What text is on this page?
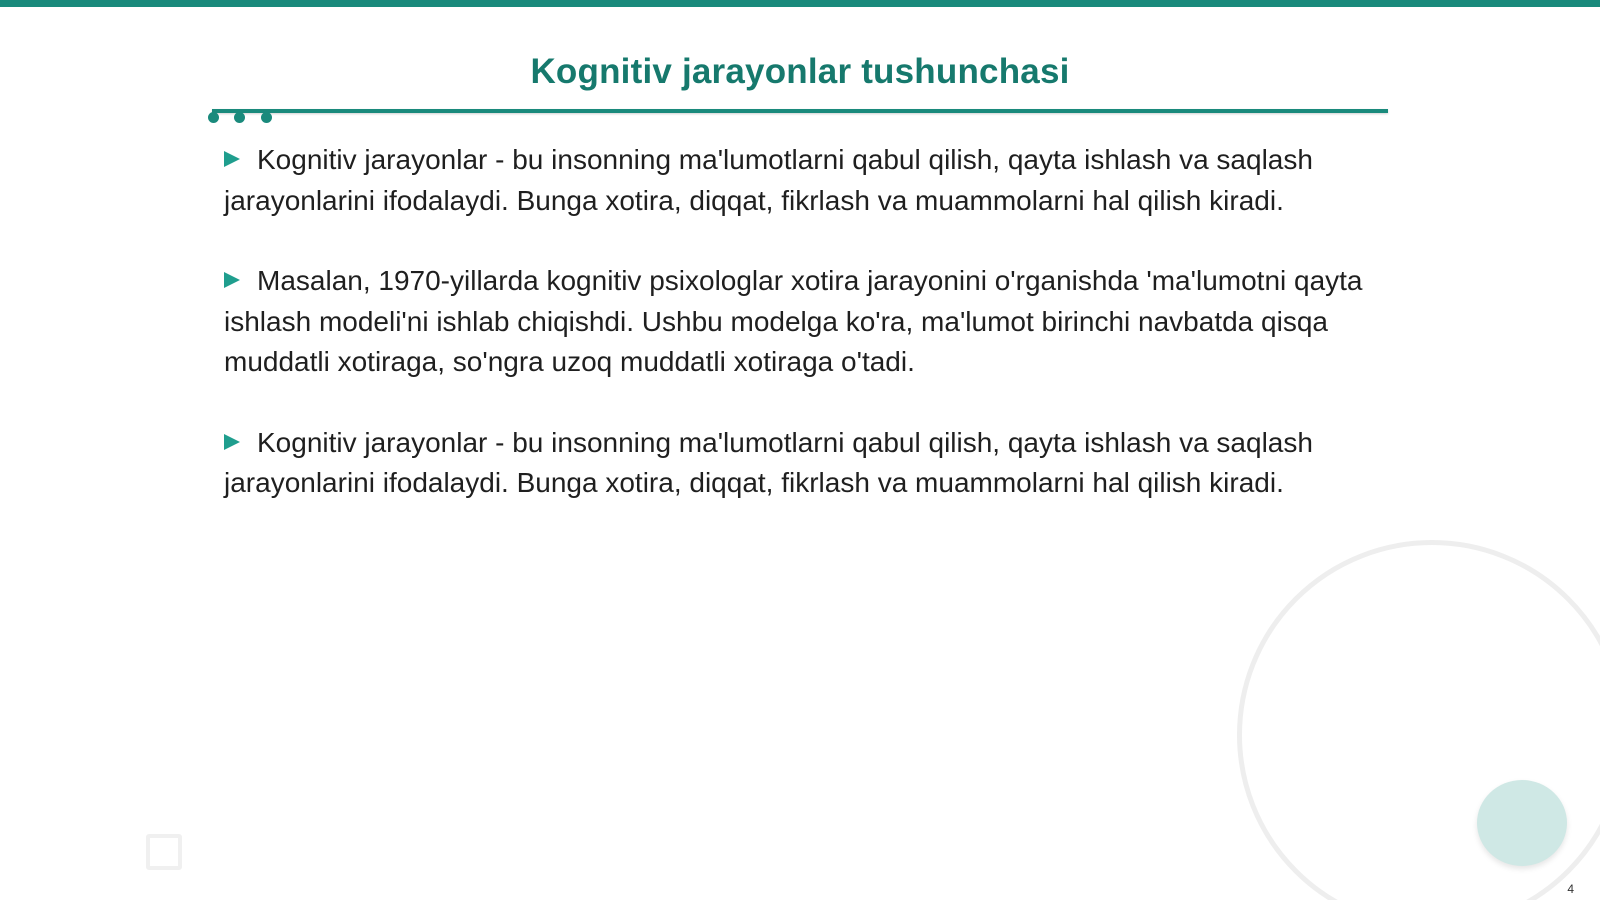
Kognitiv jarayonlar tushunchasi

Kognitiv jarayonlar - bu insonning ma'lumotlarni qabul qilish, qayta ishlash va saqlash jarayonlarini ifodalaydi. Bunga xotira, diqqat, fikrlash va muammolarni hal qilish kiradi.

Masalan, 1970-yillarda kognitiv psixologlar xotira jarayonini o'rganishda 'ma'lumotni qayta ishlash modeli'ni ishlab chiqishdi. Ushbu modelga ko'ra, ma'lumot birinchi navbatda qisqa muddatli xotiraga, so'ngra uzoq muddatli xotiraga o'tadi.

Kognitiv jarayonlar - bu insonning ma'lumotlarni qabul qilish, qayta ishlash va saqlash jarayonlarini ifodalaydi. Bunga xotira, diqqat, fikrlash va muammolarni hal qilish kiradi.

4
